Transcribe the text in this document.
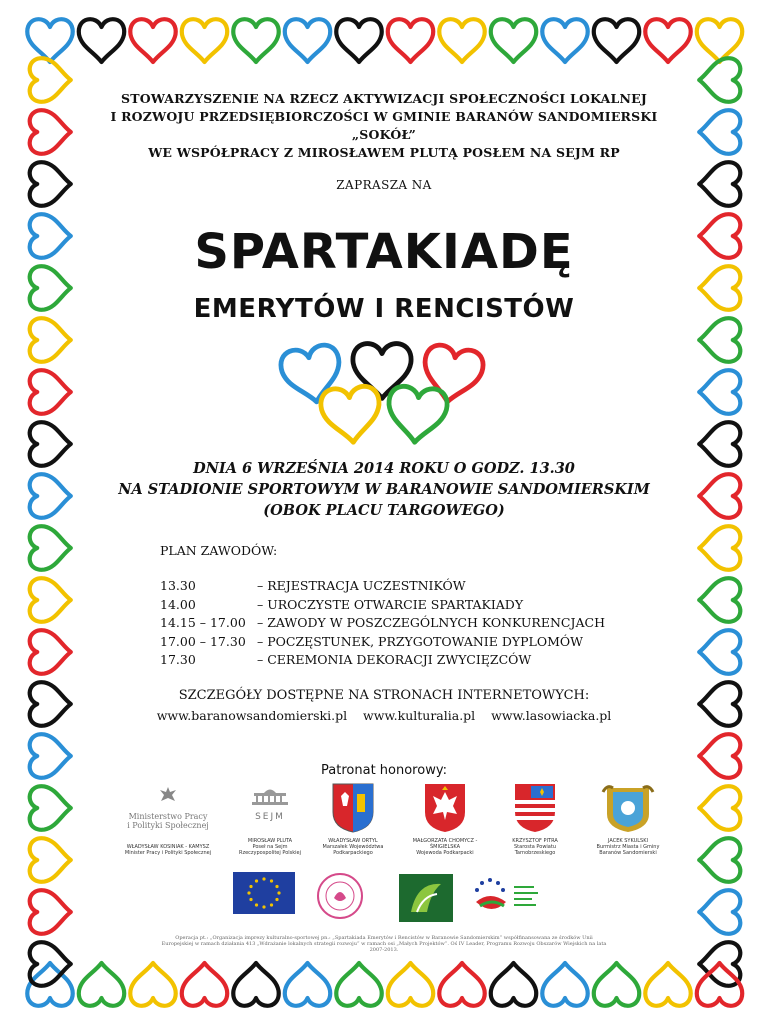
STOWARZYSZENIE NA RZECZ AKTYWIZACJI SPOŁECZNOŚCI LOKALNEJ
I ROZWOJU PRZEDSIĘBIORCZOŚCI W GMINIE BARANÓW SANDOMIERSKI
„SOKÓŁ”
WE WSPÓŁPRACY Z MIROSŁAWEM PLUTĄ POSŁEM NA SEJM RP
ZAPRASZA NA
SPARTAKIADĘ
EMERYTÓW I RENCISTÓW
DNIA 6 WRZEŚNIA 2014 ROKU O GODZ. 13.30
NA STADIONIE SPORTOWYM W BARANOWIE SANDOMIERSKIM
(OBOK PLACU TARGOWEGO)
PLAN ZAWODÓW:
13.30	– REJESTRACJA UCZESTNIKÓW
14.00	– UROCZYSTE OTWARCIE SPARTAKIADY
14.15 – 17.00 – ZAWODY W POSZCZEGÓLNYCH KONKURENCJACH
17.00 – 17.30 – POCZĘSTUNEK, PRZYGOTOWANIE DYPLOMÓW
17.30	– CEREMONIA DEKORACJI ZWYCIĘZCÓW
SZCZEGÓŁY DOSTĘPNE NA STRONACH INTERNETOWYCH:
www.baranowsandomierski.pl www.kulturalia.pl www.lasowiacka.pl
Patronat honorowy:
Ministerstwo Pracy
i Polityki Społecznej
WŁADYSŁAW KOSINIAK - KAMYSZ
Minister Pracy i Polityki Społecznej
SEJM
MIROSŁAW PLUTA
Poseł na Sejm Rzeczypospolitej Polskiej
WŁADYSŁAW ORTYL
Marszałek Województwa Podkarpackiego
MAŁGORZATA CHOMYCZ - ŚMIGIELSKA
Wojewoda Podkarpacki
KRZYSZTOF PITRA
Starosta Powiatu Tarnobrzeskiego
JACEK SYKULSKI
Burmistrz Miasta i Gminy Baranów Sandomierski
Operacja pt.: „Organizacja imprezy kulturalno-sportowej pn.: „Spartakiada Emerytów i Rencistów w Baranowie Sandomierskim” współfinansowana ze środków Unii Europejskiej w ramach działania 413 „Wdrażanie lokalnych strategii rozwoju” w ramach osi „Małych Projektów”. Oś IV Leader, Programu Rozwoju Obszarów Wiejskich na lata 2007-2013.
